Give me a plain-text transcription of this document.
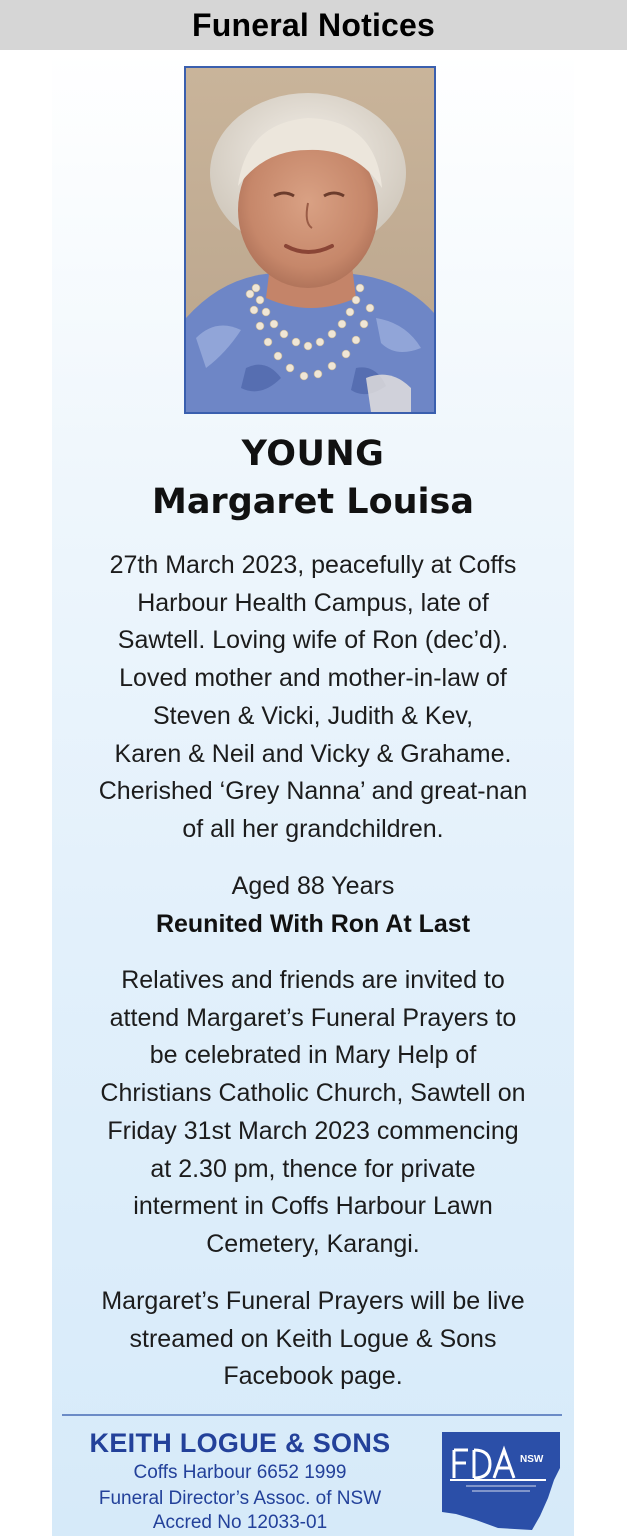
Funeral Notices
YOUNG
Margaret Louisa
27th March 2023, peacefully at Coffs
Harbour Health Campus, late of
Sawtell. Loving wife of Ron (dec’d).
Loved mother and mother-in-law of
Steven & Vicki, Judith & Kev,
Karen & Neil and Vicky & Grahame.
Cherished ‘Grey Nanna’ and great-nan
of all her grandchildren.
Aged 88 Years
Reunited With Ron At Last
Relatives and friends are invited to
attend Margaret’s Funeral Prayers to
be celebrated in Mary Help of
Christians Catholic Church, Sawtell on
Friday 31st March 2023 commencing
at 2.30 pm, thence for private
interment in Coffs Harbour Lawn
Cemetery, Karangi.
Margaret’s Funeral Prayers will be live
streamed on Keith Logue & Sons
Facebook page.
KEITH LOGUE & SONS
Coffs Harbour 6652 1999
Funeral Director’s Assoc. of NSW
Accred No 12033-01
NSW
